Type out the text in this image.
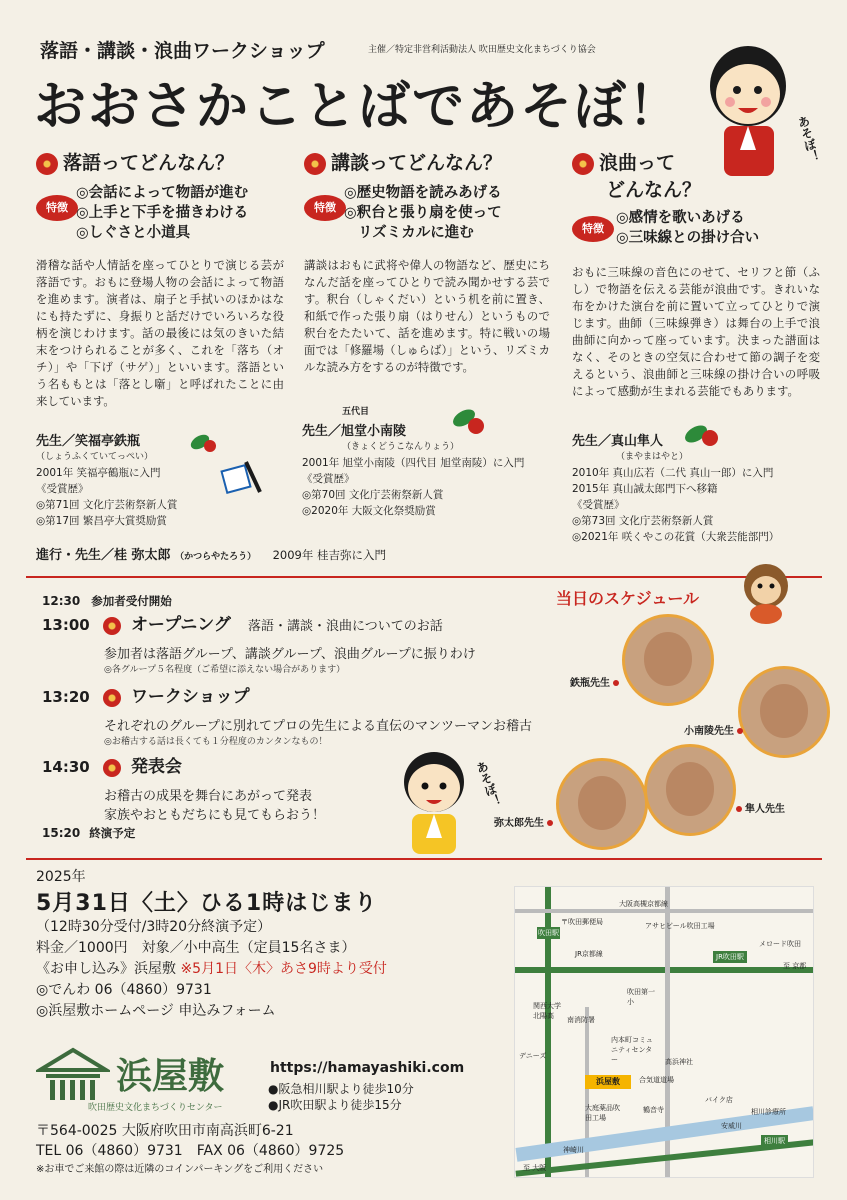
落語・講談・浪曲ワークショップ	主催／特定非営利活動法人 吹田歴史文化まちづくり協会
おおさかことばであそぼ！
あそぼ！
落語ってどんなん？
特徴
◎会話によって物語が進む
◎上手と下手を描きわける
◎しぐさと小道具
滑稽な話や人情話を座ってひとりで演じる芸が落語です。おもに登場人物の会話によって物語を進めます。演者は、扇子と手拭いのほかはなにも持たずに、身振りと話だけでいろいろな役柄を演じわけます。話の最後には気のきいた結末をつけられることが多く、これを「落ち（オチ）」や「下げ（サゲ）」といいます。落語という名ももとは「落とし噺」と呼ばれたことに由来しています。
先生／笑福亭鉄瓶
（しょうふくていてっぺい）
2001年 笑福亭鶴瓶に入門
《受賞歴》
◎第71回 文化庁芸術祭新人賞
◎第17回 繁昌亭大賞奨励賞
講談ってどんなん？
特徴
◎歴史物語を読みあげる
◎釈台と張り扇を使って
リズミカルに進む
講談はおもに武将や偉人の物語など、歴史にちなんだ話を座ってひとりで読み聞かせする芸です。釈台（しゃくだい）という机を前に置き、和紙で作った張り扇（はりせん）というもので釈台をたたいて、話を進めます。特に戦いの場面では「修羅場（しゅらば）」という、リズミカルな読み方をするのが特徴です。
五代目
先生／旭堂小南陵
（きょくどうこなんりょう）
2001年 旭堂小南陵（四代目 旭堂南陵）に入門
《受賞歴》
◎第70回 文化庁芸術祭新人賞
◎2020年 大阪文化祭奨励賞
浪曲って
どんなん？
特徴
◎感情を歌いあげる
◎三味線との掛け合い
おもに三味線の音色にのせて、セリフと節（ふし）で物語を伝える芸能が浪曲です。きれいな布をかけた演台を前に置いて立ってひとりで演じます。曲師（三味線弾き）は舞台の上手で浪曲師に向かって座っています。決まった譜面はなく、そのときの空気に合わせて節の調子を変えるという、浪曲師と三味線の掛け合いの呼吸によって感動が生まれる芸能でもあります。
先生／真山隼人
（まやまはやと）
2010年 真山広若（二代 真山一郎）に入門
2015年 真山誠太郎門下へ移籍
《受賞歴》
◎第73回 文化庁芸術祭新人賞
◎2021年 咲くやこの花賞（大衆芸能部門）
進行・先生／桂 弥太郎 （かつらやたろう） 2009年 桂吉弥に入門
当日のスケジュール
12:30 参加者受付開始
13:00 オープニング 落語・講談・浪曲についてのお話
参加者は落語グループ、講談グループ、浪曲グループに振りわけ
◎各グループ５名程度（ご希望に添えない場合があります）
13:20 ワークショップ
それぞれのグループに別れてプロの先生による直伝のマンツーマンお稽古
◎お稽古する話は長くても１分程度のカンタンなもの！
14:30 発表会
お稽古の成果を舞台にあがって発表
家族やおともだちにも見てもらおう！
15:20 終演予定
あそぼ！
鉄瓶先生
小南陵先生
弥太郎先生
隼人先生
2025年
5月31日〈土〉ひる1時はじまり
（12時30分受付/3時20分終演予定）
料金／1000円　対象／小中高生（定員15名さま）
《お申し込み》浜屋敷 ※5月1日〈木〉あさ9時より受付
◎でんわ 06（4860）9731
◎浜屋敷ホームページ 申込みフォーム
浜屋敷
吹田歴史文化まちづくりセンター
https://hamayashiki.com
●阪急相川駅より徒歩10分
●JR吹田駅より徒歩15分
〒564-0025 大阪府吹田市南高浜町6-21
TEL 06（4860）9731　FAX 06（4860）9725
※お車でご来館の際は近隣のコインパーキングをご利用ください
浜屋敷
大阪高槻京都線
吹田駅
〒吹田郵便局	アサヒビール吹田工場
JR京都線	JR吹田駅
メロード吹田
至 京都
吹田第一小
関西大学北陽高	南消防署
デニーズ
内本町コミュニティセンター	高浜神社
合気道道場
大庭薬品吹田工場
鶴音寺
バイク店
相川診療所
安威川
相川駅
神崎川
至 大阪
